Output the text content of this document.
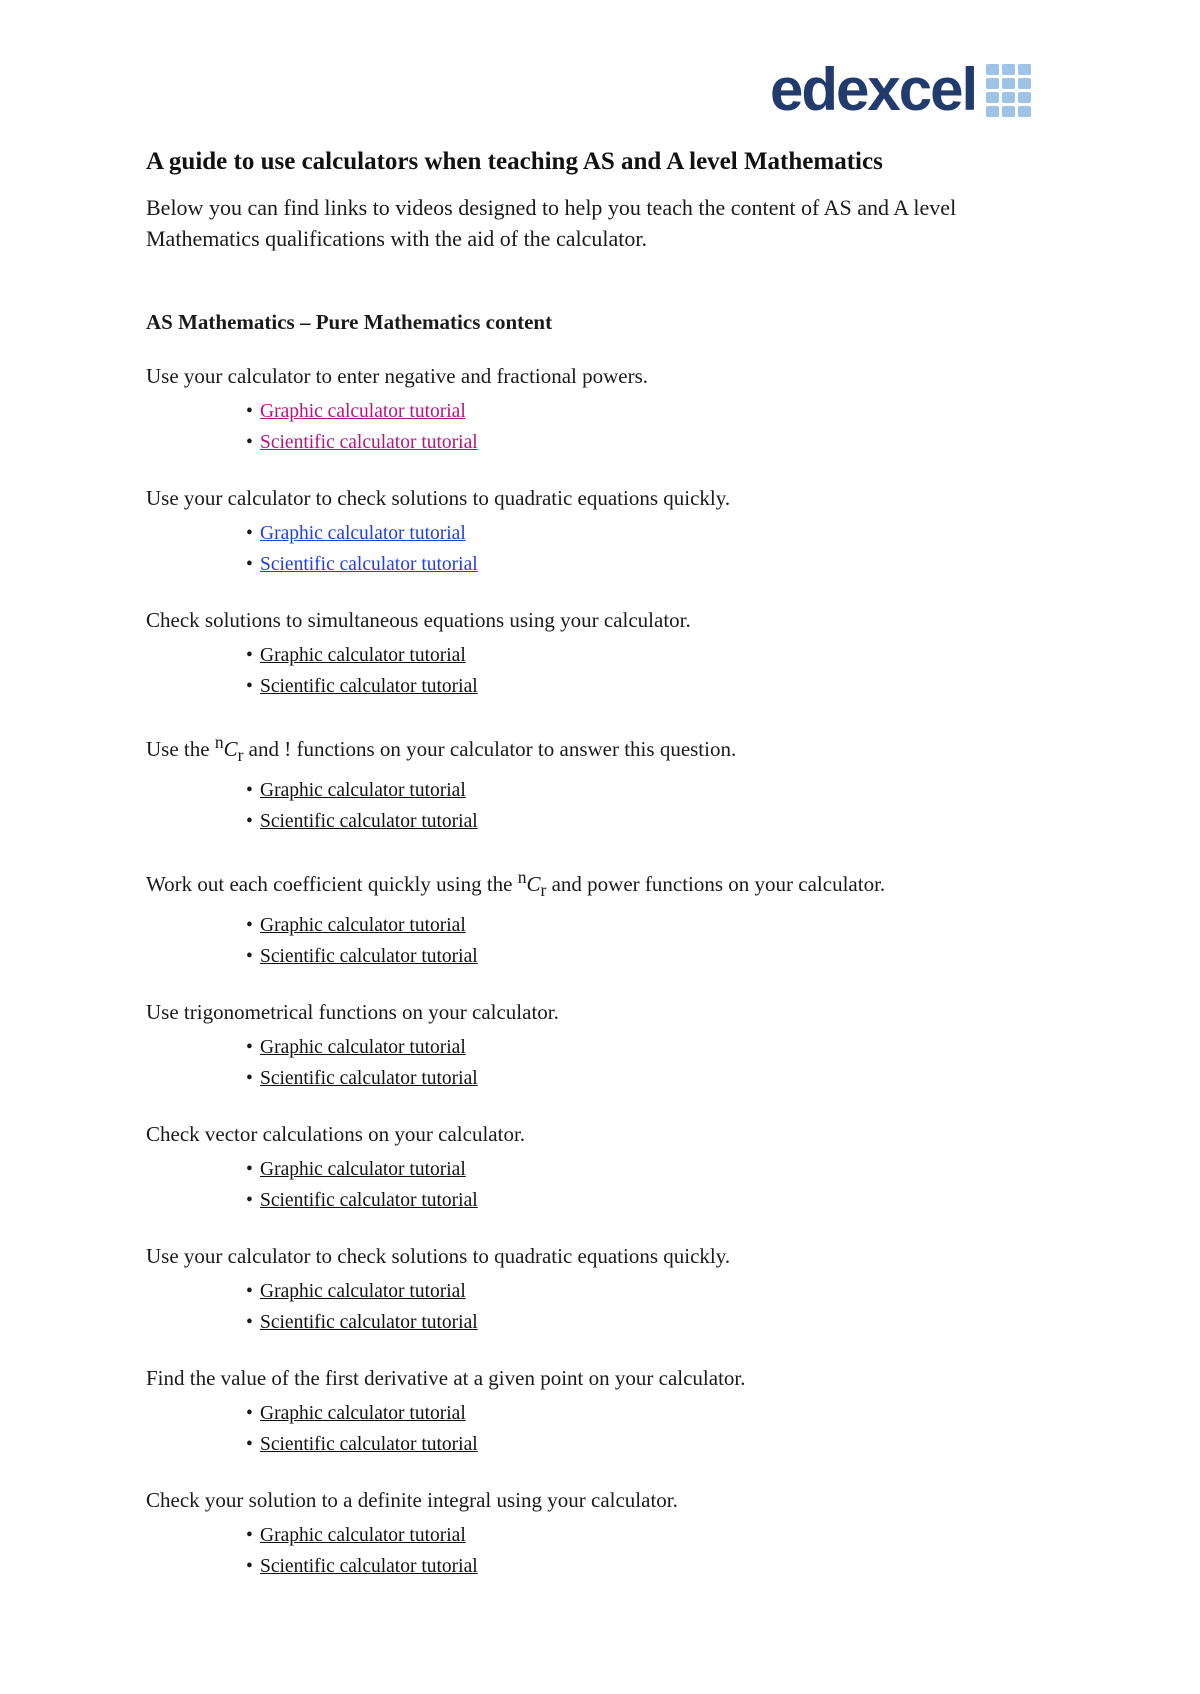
edexcel
A guide to use calculators when teaching AS and A level Mathematics

Below you can find links to videos designed to help you teach the content of AS and A level Mathematics qualifications with the aid of the calculator.

AS Mathematics – Pure Mathematics content

Use your calculator to enter negative and fractional powers.

• Graphic calculator tutorial
• Scientific calculator tutorial

Use your calculator to check solutions to quadratic equations quickly.

• Graphic calculator tutorial
• Scientific calculator tutorial

Check solutions to simultaneous equations using your calculator.

• Graphic calculator tutorial
• Scientific calculator tutorial

Use the $^nC_r$ and ! functions on your calculator to answer this question.

• Graphic calculator tutorial
• Scientific calculator tutorial

Work out each coefficient quickly using the $^nC_r$ and power functions on your calculator.

• Graphic calculator tutorial
• Scientific calculator tutorial

Use trigonometrical functions on your calculator.

• Graphic calculator tutorial
• Scientific calculator tutorial

Check vector calculations on your calculator.

• Graphic calculator tutorial
• Scientific calculator tutorial

Use your calculator to check solutions to quadratic equations quickly.

• Graphic calculator tutorial
• Scientific calculator tutorial

Find the value of the first derivative at a given point on your calculator.

• Graphic calculator tutorial
• Scientific calculator tutorial

Check your solution to a definite integral using your calculator.

• Graphic calculator tutorial
• Scientific calculator tutorial
